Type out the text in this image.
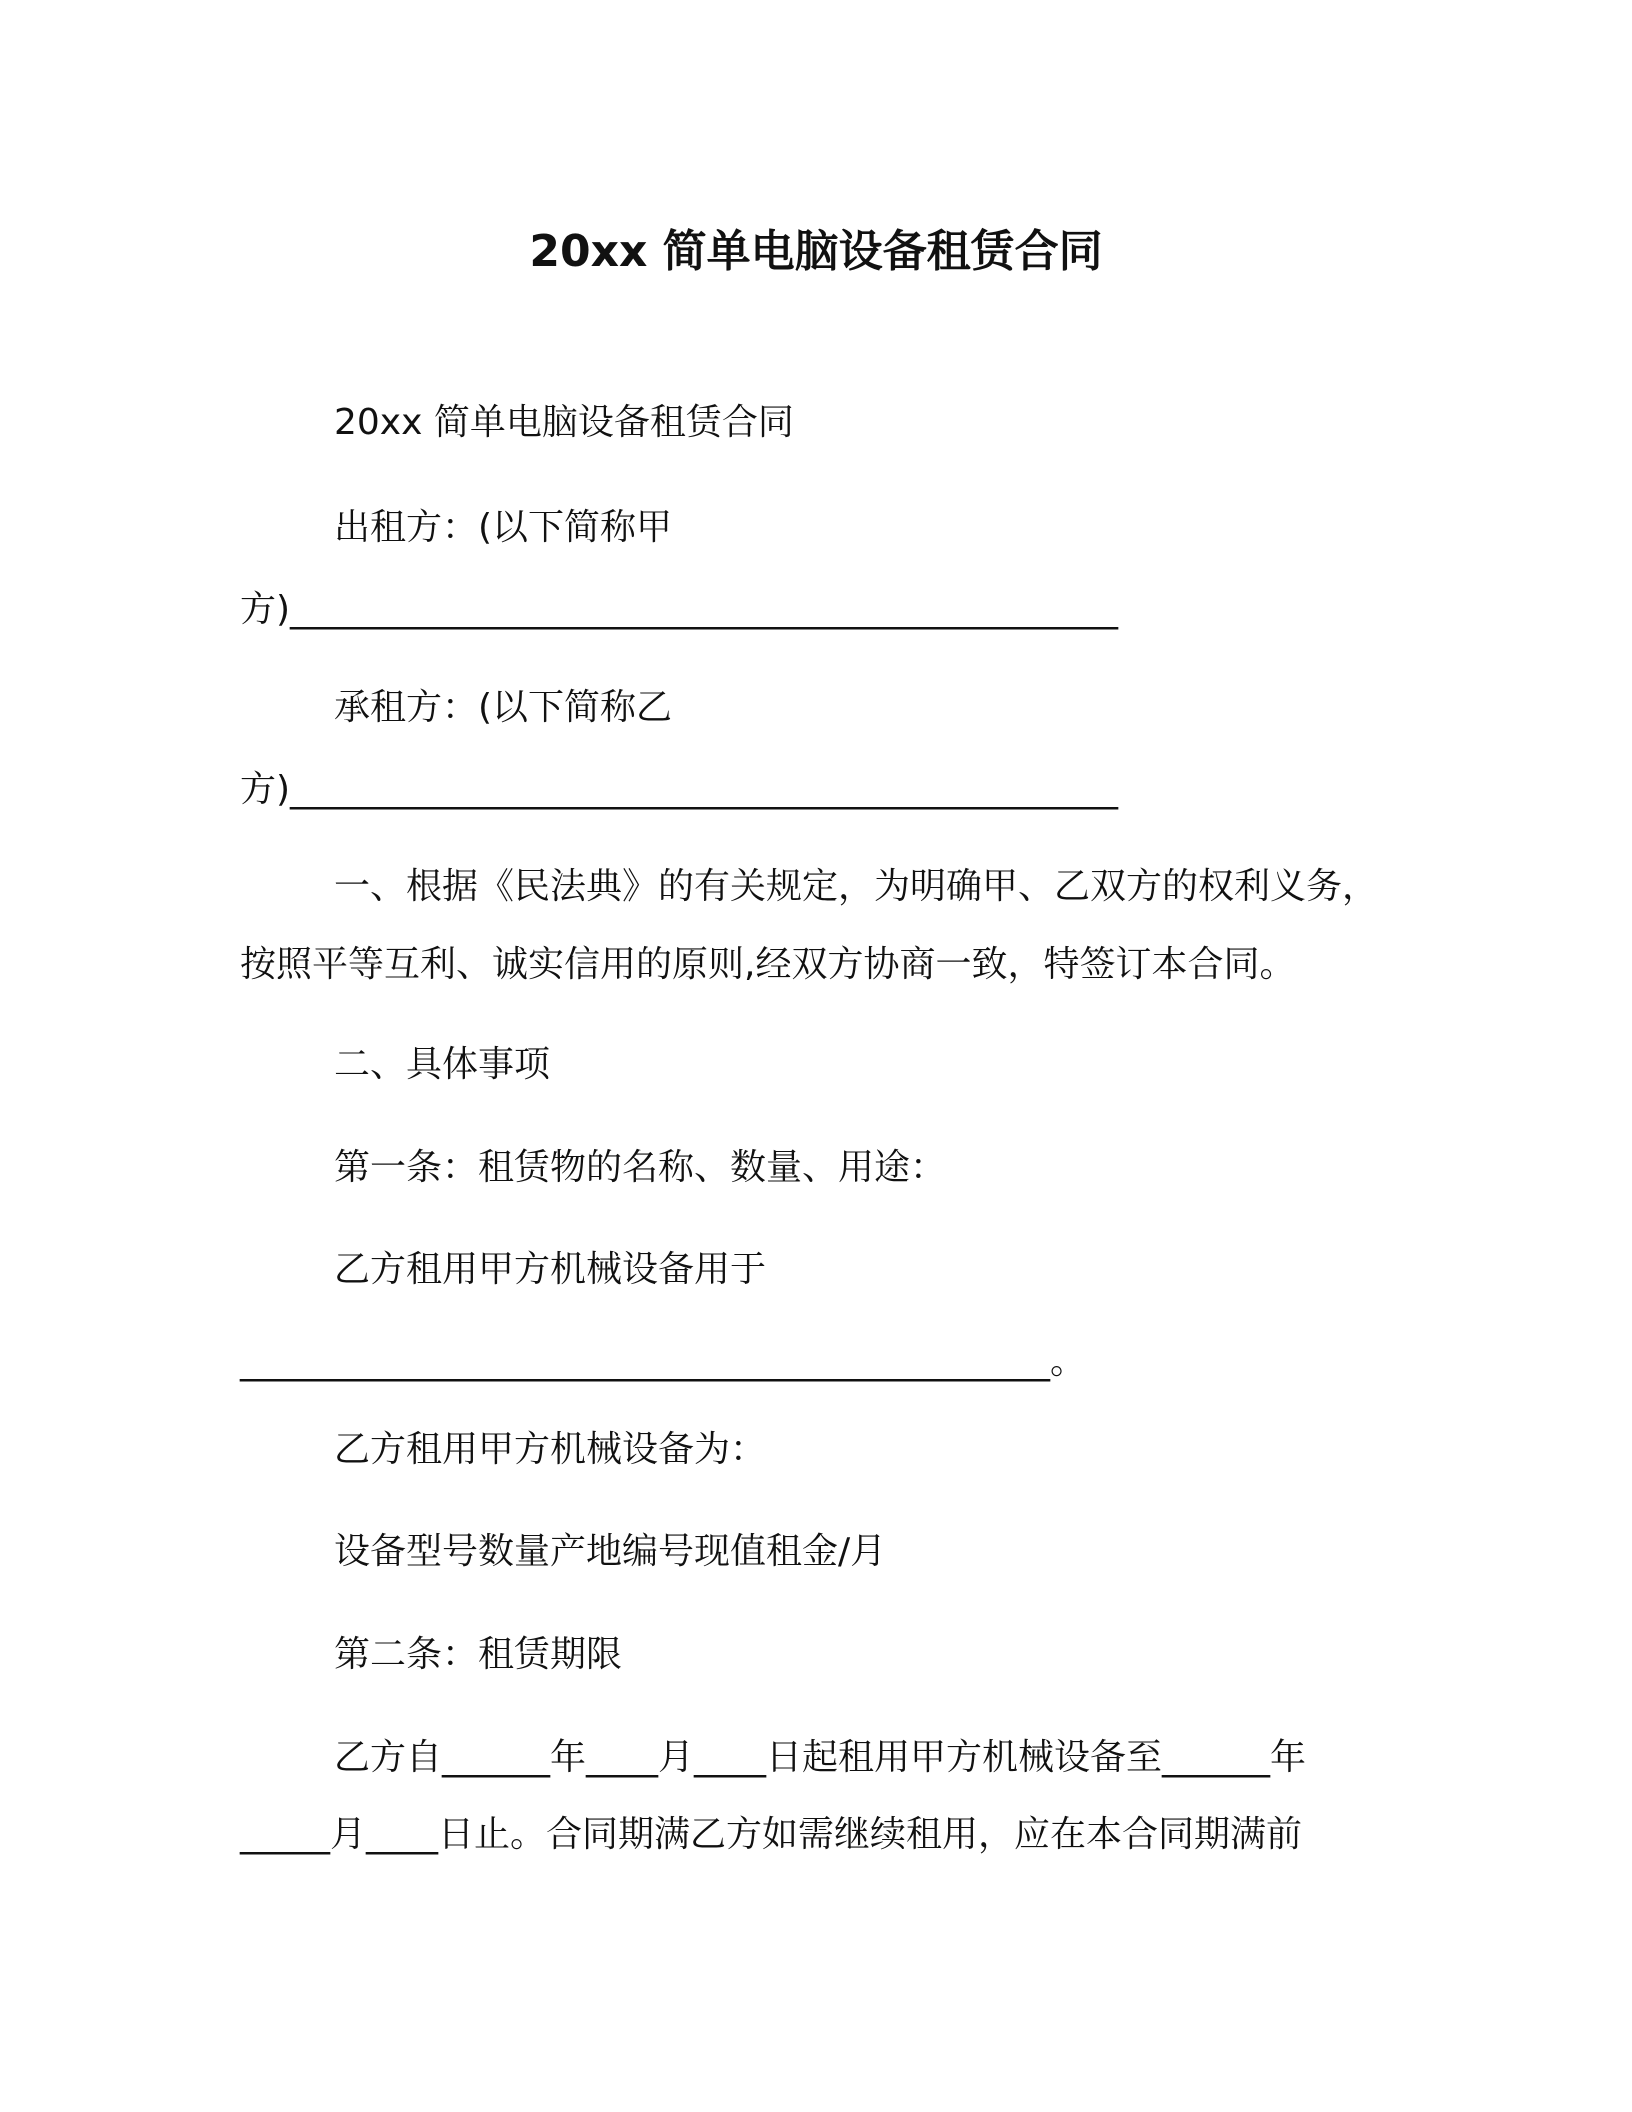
20xx 简单电脑设备租赁合同
20xx 简单电脑设备租赁合同
出租方：(以下简称甲
方)______________________________________________
承租方：(以下简称乙
方)______________________________________________
一、根据《民法典》的有关规定，为明确甲、乙双方的权利义务，
按照平等互利、诚实信用的原则,经双方协商一致，特签订本合同。
二、具体事项
第一条：租赁物的名称、数量、用途：
乙方租用甲方机械设备用于
_____________________________________________。
乙方租用甲方机械设备为：
设备型号数量产地编号现值租金/月
第二条：租赁期限
乙方自______年____月____日起租用甲方机械设备至______年
_____月____日止。合同期满乙方如需继续租用，应在本合同期满前
